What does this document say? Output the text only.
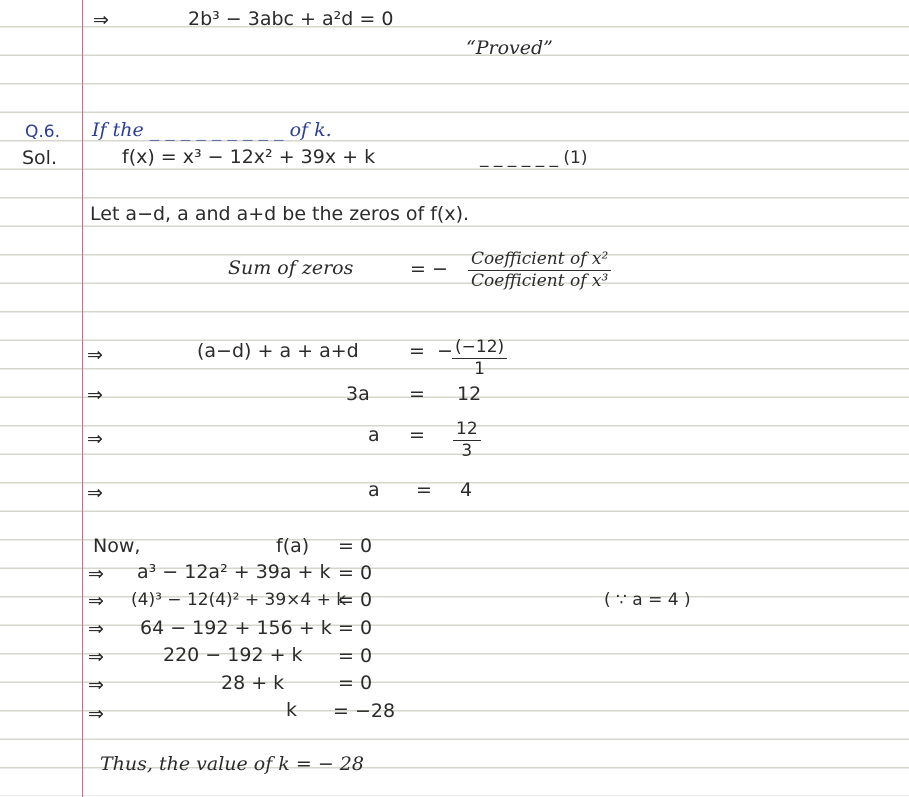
⇒	2b³ − 3abc + a²d = 0
“Proved”
Q.6. If the _ _ _ _ _ _ _ _ _ of k.
Sol.	f(x) = x³ − 12x² + 39x + k	_ _ _ _ _ _ (1)
Let a−d, a and a+d be the zeros of f(x).
Sum of zeros	= − Coefficient of x²
Coefficient of x³
⇒	(a−d) + a + a+d	= − $\frac{(-12)}{1}$
⇒	3a = 12
⇒	$a = \frac{12}{3}$
⇒	a = 4
Now,	f(a) = 0
⇒ a³ − 12a² + 39a + k = 0
⇒ (4)³ − 12(4)² + 39×4 + k
= 0
⇒ 64 − 192 + 156 + k = 0
⇒	220 − 192 + k = 0
⇒	28 + k	= 0
⇒	k = −28
( ∵ a = 4 )
Thus, the value of k = − 28
